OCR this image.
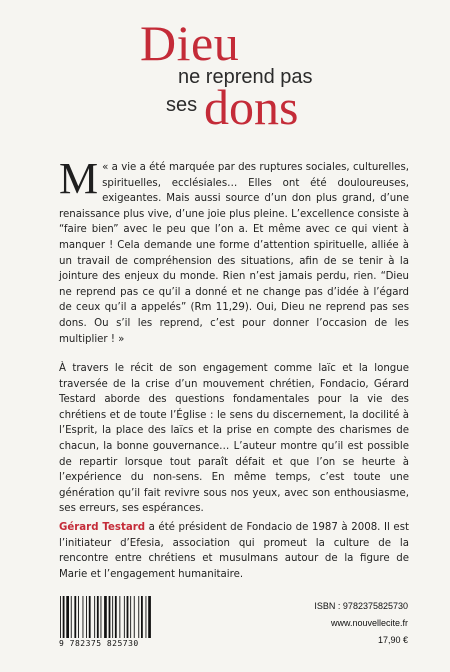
Dieu
ne reprend pas
ses dons
«
M a vie a été marquée par des ruptures sociales, culturelles, spirituelles, ecclésiales… Elles ont été douloureuses, exigeantes. Mais aussi source d’un don plus grand, d’une renaissance plus vive, d’une joie plus pleine. L’excellence consiste à “faire bien” avec le peu que l’on a. Et même avec ce qui vient à manquer ! Cela demande une forme d’attention spirituelle, alliée à un travail de compréhension des situations, afin de se tenir à la jointure des enjeux du monde. Rien n’est jamais perdu, rien. “Dieu ne reprend pas ce qu’il a donné et ne change pas d’idée à l’égard de ceux qu’il a appelés” (Rm 11,29). Oui, Dieu ne reprend pas ses dons. Ou s’il les reprend, c’est pour donner l’occasion de les multiplier ! »
À travers le récit de son engagement comme laïc et la longue traversée de la crise d’un mouvement chrétien, Fondacio, Gérard Testard aborde des questions fondamentales pour la vie des chrétiens et de toute l’Église : le sens du discernement, la docilité à l’Esprit, la place des laïcs et la prise en compte des charismes de chacun, la bonne gouvernance… L’auteur montre qu’il est possible de repartir lorsque tout paraît défait et que l’on se heurte à l’expérience du non-sens. En même temps, c’est toute une génération qu’il fait revivre sous nos yeux, avec son enthousiasme, ses erreurs, ses espérances.
Gérard Testard a été président de Fondacio de 1987 à 2008. Il est l’initiateur d’Efesia, association qui promeut la culture de la rencontre entre chrétiens et musulmans autour de la figure de Marie et l’engagement humanitaire.
9 782375 825730
ISBN : 9782375825730
www.nouvellecite.fr
17,90 €
